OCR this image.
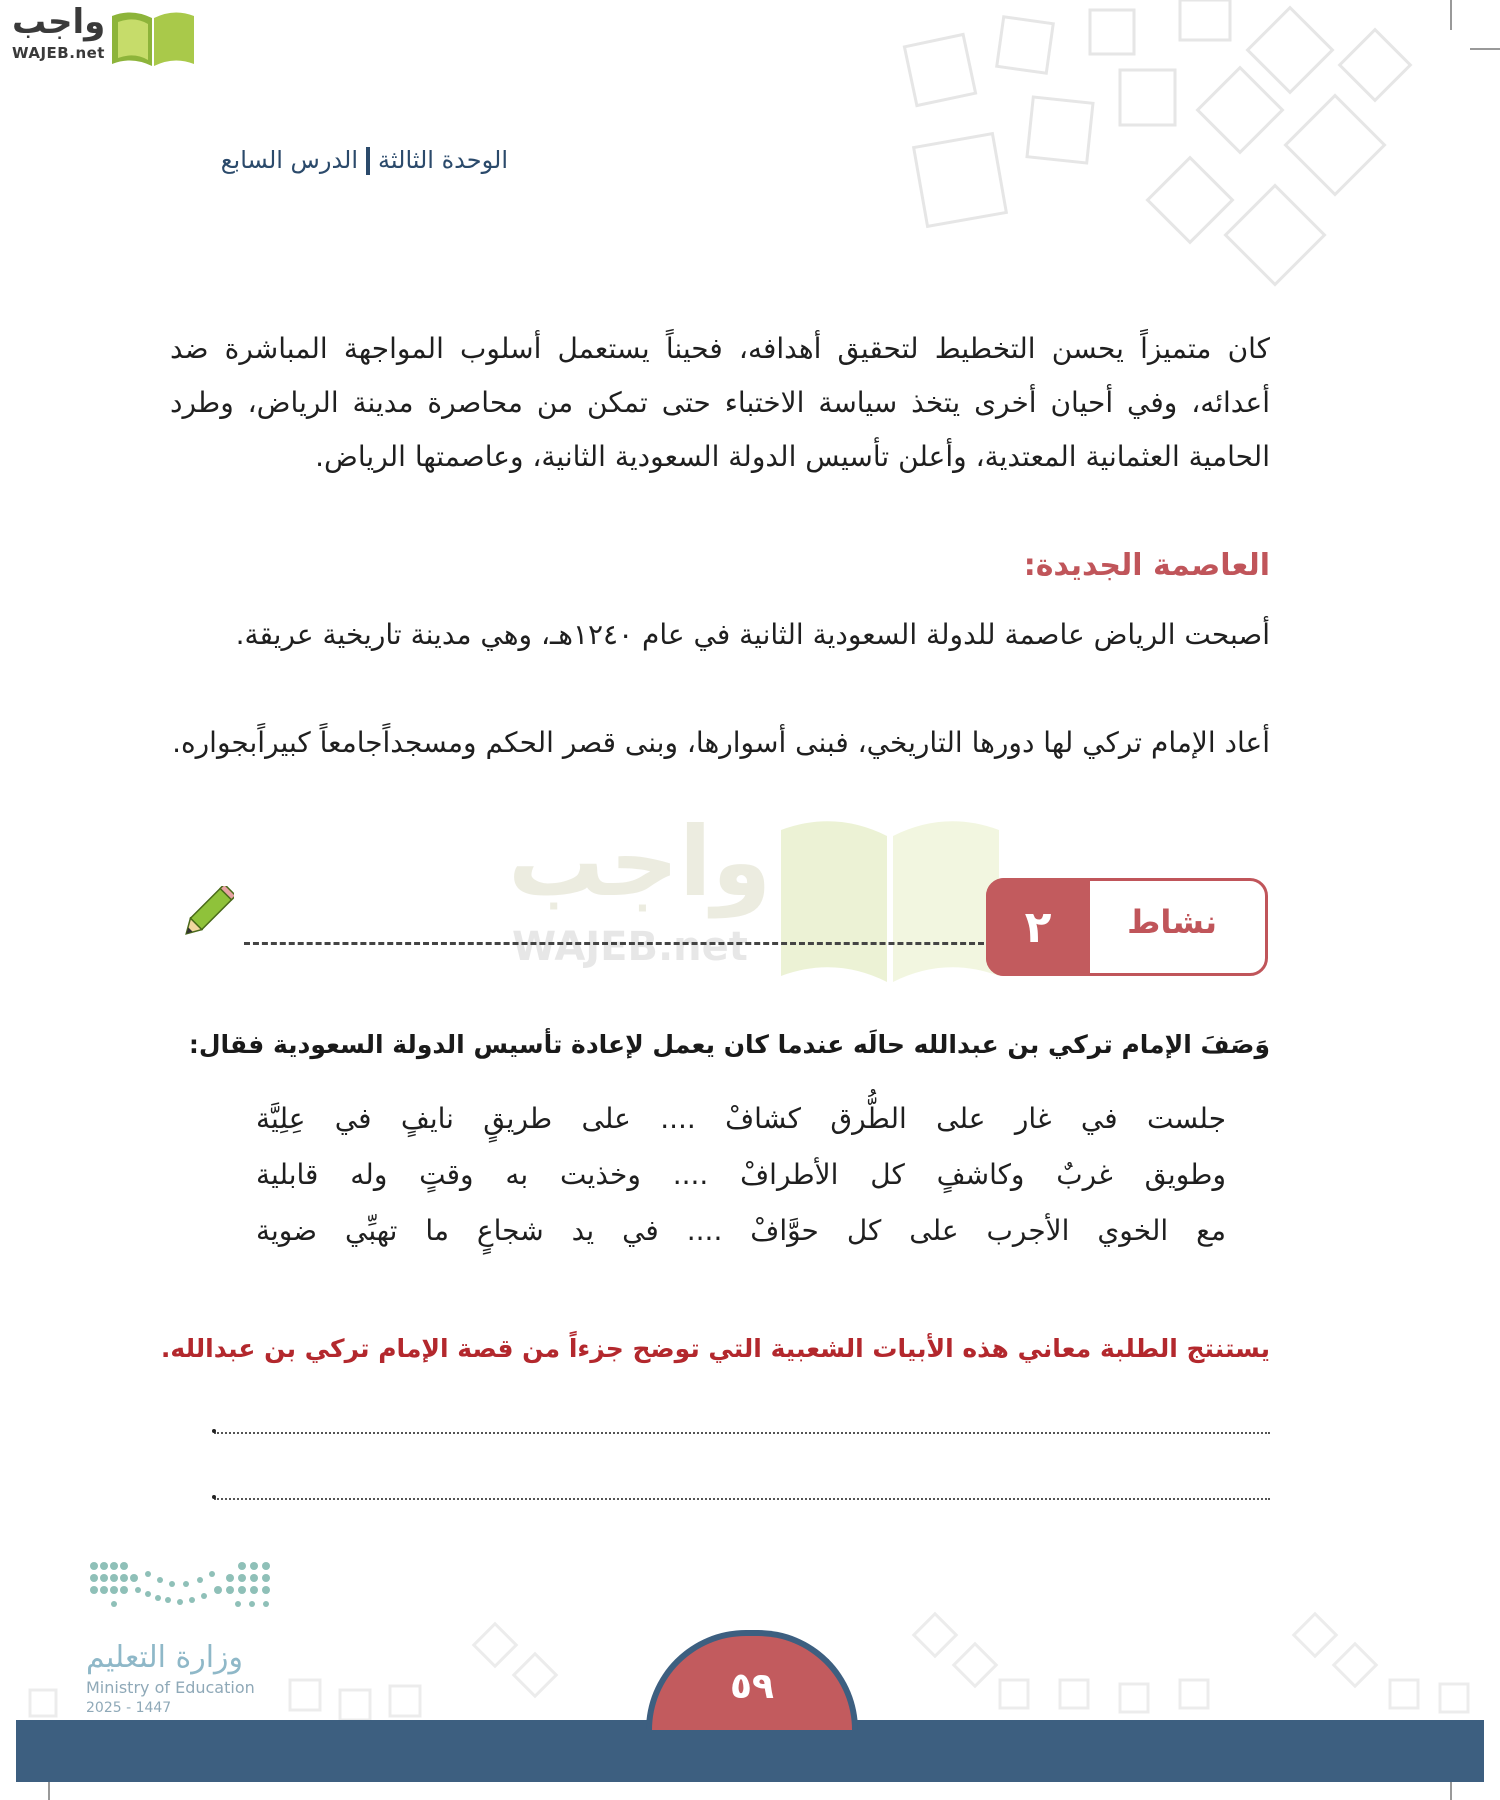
واجب
WAJEB.net
الوحدة الثالثةالدرس السابع
كان متميزاً يحسن التخطيط لتحقيق أهدافه، فحيناً يستعمل أسلوب المواجهة المباشرة ضد أعدائه، وفي أحيان أخرى يتخذ سياسة الاختباء حتى تمكن من محاصرة مدينة الرياض، وطرد الحامية العثمانية المعتدية، وأعلن تأسيس الدولة السعودية الثانية، وعاصمتها الرياض.
العاصمة الجديدة:
أصبحت الرياض عاصمة للدولة السعودية الثانية في عام ١٢٤٠هـ، وهي مدينة تاريخية عريقة.
أعاد الإمام تركي لها دورها التاريخي، فبنى أسوارها، وبنى قصر الحكم ومسجداًجامعاً كبيراًبجواره.
واجب
WAJEB.net
نشاط
٢
وَصَفَ الإمام تركي بن عبدالله حالَه عندما كان يعمل لإعادة تأسيس الدولة السعودية فقال:
جلست في غار على الطُّرق كشافْ .... على طريقٍ نايفٍ في عِلِيَّة
وطويق غربٌ وكاشفٍ كل الأطرافْ .... وخذيت به وقتٍ وله قابلية
مع الخوي الأجرب على كل حوَّافْ .... في يد شجاعٍ ما تهبِّي ضوية
يستنتج الطلبة معاني هذه الأبيات الشعبية التي توضح جزءاً من قصة الإمام تركي بن عبدالله.
وزارة التعليم
Ministry of Education
2025 - 1447
٥٩
